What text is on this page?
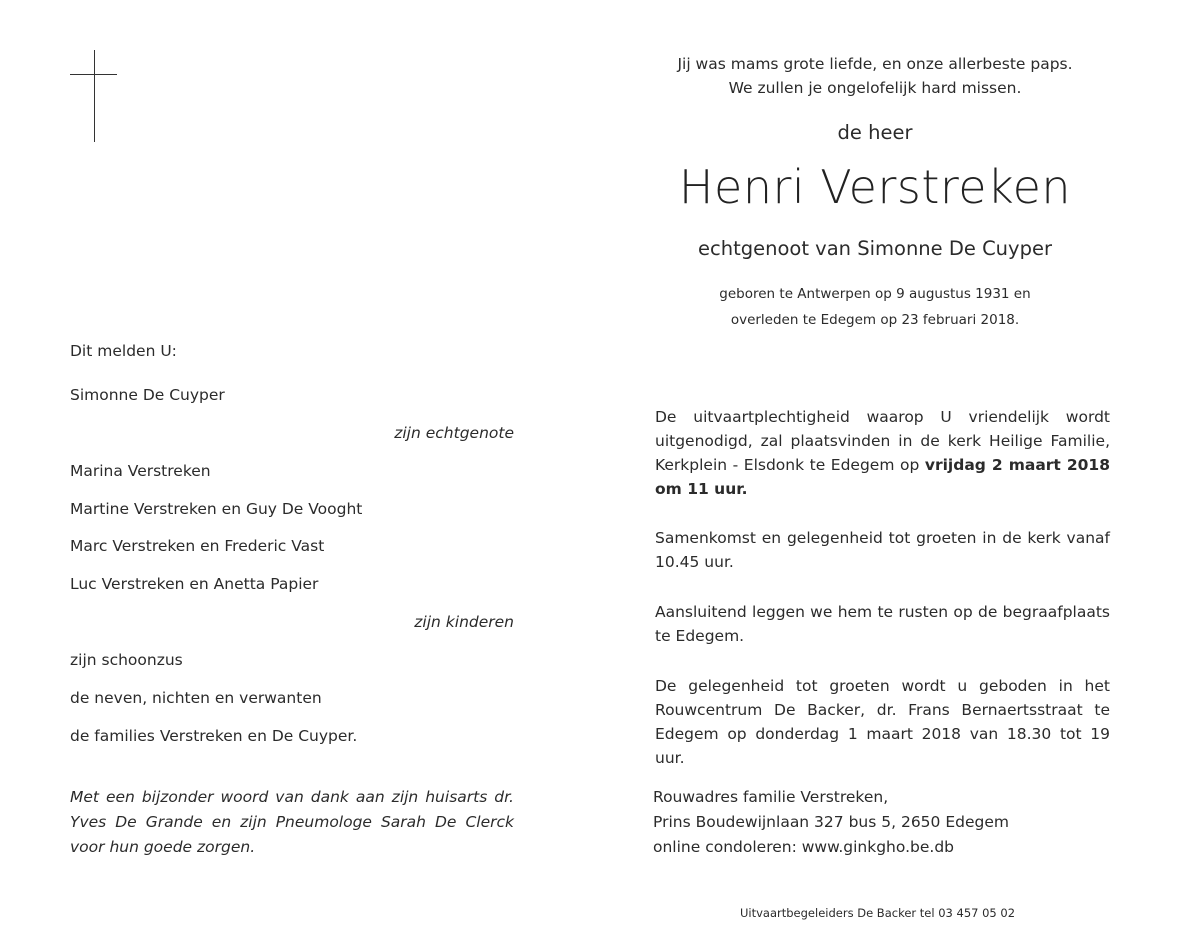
Jij was mams grote liefde, en onze allerbeste paps.
We zullen je ongelofelijk hard missen.
de heer
Henri Verstreken
echtgenoot van Simonne De Cuyper
geboren te Antwerpen op 9 augustus 1931 en
overleden te Edegem op 23 februari 2018.
Dit melden U:
Simonne De Cuyper
zijn echtgenote
Marina Verstreken
Martine Verstreken en Guy De Vooght
Marc Verstreken en Frederic Vast
Luc Verstreken en Anetta Papier
zijn kinderen
zijn schoonzus
de neven, nichten en verwanten
de families Verstreken en De Cuyper.
Met een bijzonder woord van dank aan zijn huisarts dr. Yves De Grande en zijn Pneumologe Sarah De Clerck voor hun goede zorgen.
De uitvaartplechtigheid waarop U vriendelijk wordt uitgenodigd, zal plaatsvinden in de kerk Heilige Familie, Kerkplein - Elsdonk te Edegem op vrijdag 2 maart 2018 om 11 uur.
Samenkomst en gelegenheid tot groeten in de kerk vanaf 10.45 uur.
Aansluitend leggen we hem te rusten op de begraafplaats te Edegem.
De gelegenheid tot groeten wordt u geboden in het Rouwcentrum De Backer, dr. Frans Bernaertsstraat te Edegem op donderdag 1 maart 2018 van 18.30 tot 19 uur.
Rouwadres familie Verstreken,
Prins Boudewijnlaan 327 bus 5, 2650 Edegem
online condoleren: www.ginkgho.be.db
Uitvaartbegeleiders De Backer tel 03 457 05 02
